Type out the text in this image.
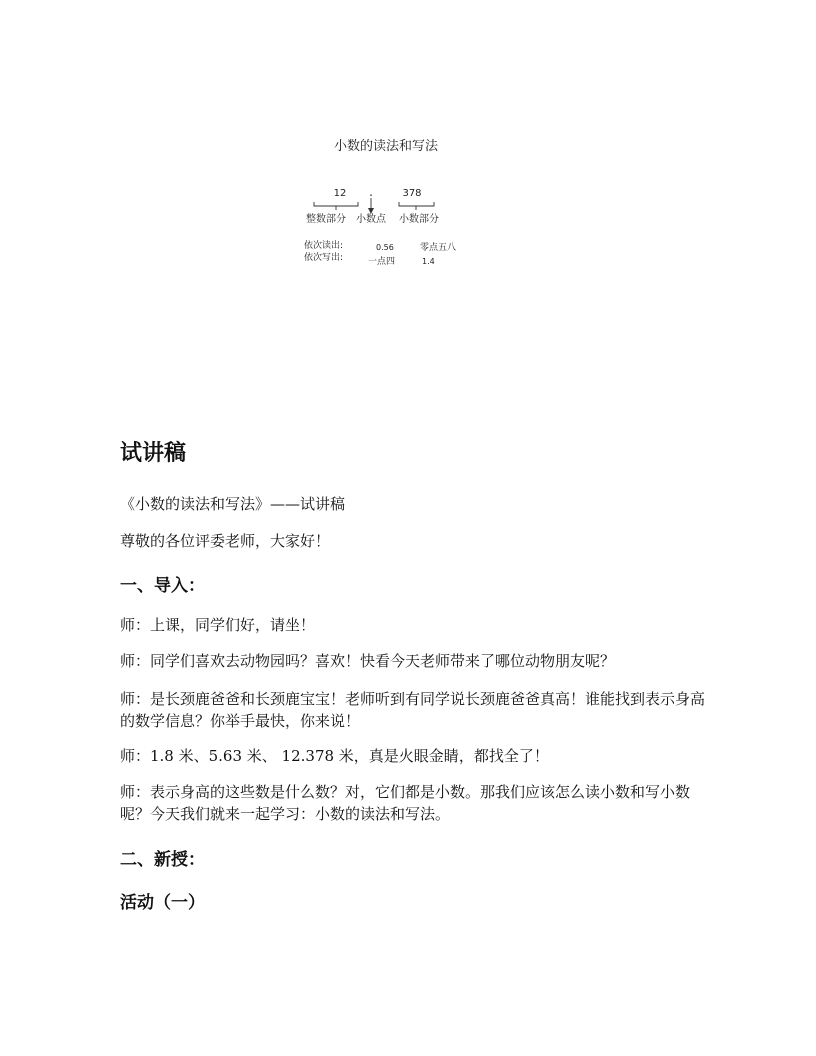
小数的读法和写法
12 .	378
整数部分 小数点 小数部分
依次读出:
依次写出:
0.56	零点五八
一点四	1.4
试讲稿

《小数的读法和写法》——试讲稿

尊敬的各位评委老师，大家好！

一、导入：

师：上课，同学们好，请坐！

师：同学们喜欢去动物园吗？喜欢！快看今天老师带来了哪位动物朋友呢？

师：是长颈鹿爸爸和长颈鹿宝宝！老师听到有同学说长颈鹿爸爸真高！谁能找到表示身高的数学信息？你举手最快，你来说！

师：1.8 米、5.63 米、 12.378 米，真是火眼金睛，都找全了！

师：表示身高的这些数是什么数？对，它们都是小数。那我们应该怎么读小数和写小数呢？今天我们就来一起学习：小数的读法和写法。

二、新授：
活动（一）
